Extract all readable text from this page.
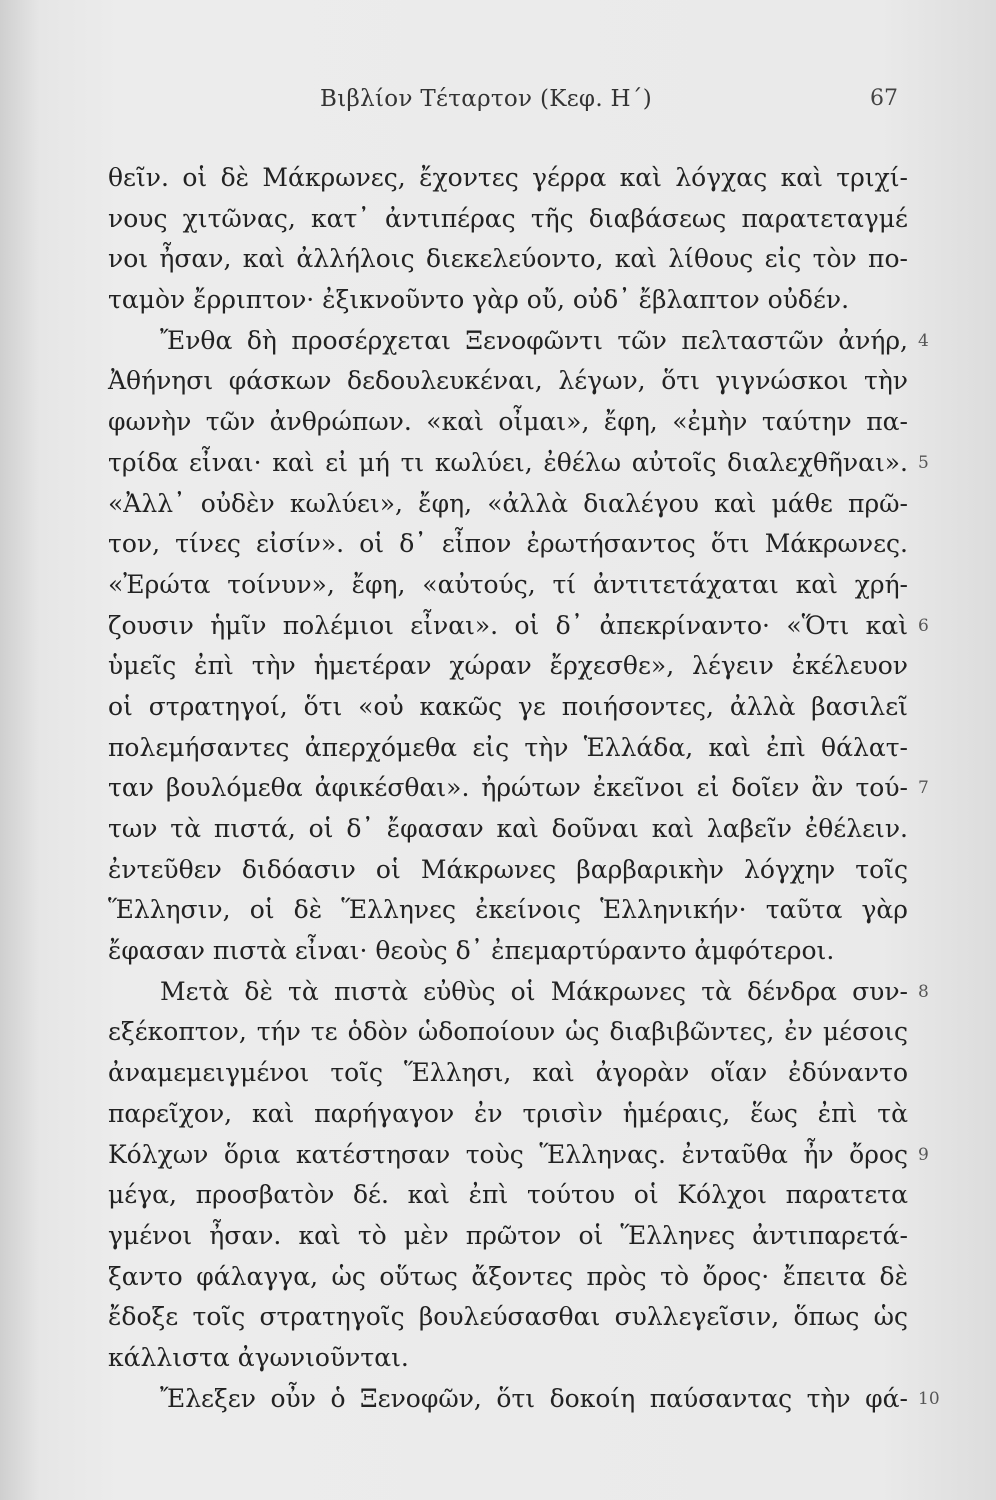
Βιβλίον Τέταρτον (Κεφ. Η΄)	67
θεῖν. οἱ δὲ Μάκρωνες, ἔχοντες γέρρα καὶ λόγχας καὶ τριχί-
νους χιτῶνας, κατ᾽ ἀντιπέρας τῆς διαβάσεως παρατεταγμέ
νοι ἦσαν, καὶ ἀλλήλοις διεκελεύοντο, καὶ λίθους εἰς τὸν πο-
ταμὸν ἔρριπτον· ἐξικνοῦντο γὰρ οὔ, οὐδ᾽ ἔβλαπτον οὐδέν.
Ἔνθα δὴ προσέρχεται Ξενοφῶντι τῶν πελταστῶν ἀνήρ, 4
Ἀθήνησι φάσκων δεδουλευκέναι, λέγων, ὅτι γιγνώσκοι τὴν
φωνὴν τῶν ἀνθρώπων. «καὶ οἶμαι», ἔφη, «ἐμὴν ταύτην πα-
τρίδα εἶναι· καὶ εἰ μή τι κωλύει, ἐθέλω αὐτοῖς διαλεχθῆναι». 5
«Ἀλλ᾽ οὐδὲν κωλύει», ἔφη, «ἀλλὰ διαλέγου καὶ μάθε πρῶ-
τον, τίνες εἰσίν». οἱ δ᾽ εἶπον ἐρωτήσαντος ὅτι Μάκρωνες.
«Ἐρώτα τοίνυν», ἔφη, «αὐτούς, τί ἀντιτετάχαται καὶ χρή-
ζουσιν ἡμῖν πολέμιοι εἶναι». οἱ δ᾽ ἀπεκρίναντο· «Ὅτι καὶ 6
ὑμεῖς ἐπὶ τὴν ἡμετέραν χώραν ἔρχεσθε», λέγειν ἐκέλευον
οἱ στρατηγοί, ὅτι «οὐ κακῶς γε ποιήσοντες, ἀλλὰ βασιλεῖ
πολεμήσαντες ἀπερχόμεθα εἰς τὴν Ἑλλάδα, καὶ ἐπὶ θάλατ-
ταν βουλόμεθα ἀφικέσθαι». ἠρώτων ἐκεῖνοι εἰ δοῖεν ἂν τού- 7
των τὰ πιστά, οἱ δ᾽ ἔφασαν καὶ δοῦναι καὶ λαβεῖν ἐθέλειν.
ἐντεῦθεν διδόασιν οἱ Μάκρωνες βαρβαρικὴν λόγχην τοῖς
Ἕλλησιν, οἱ δὲ Ἕλληνες ἐκείνοις Ἑλληνικήν· ταῦτα γὰρ
ἔφασαν πιστὰ εἶναι· θεοὺς δ᾽ ἐπεμαρτύραντο ἀμφότεροι.
Μετὰ δὲ τὰ πιστὰ εὐθὺς οἱ Μάκρωνες τὰ δένδρα συν- 8
εξέκοπτον, τήν τε ὁδὸν ὡδοποίουν ὡς διαβιβῶντες, ἐν μέσοις
ἀναμεμειγμένοι τοῖς Ἕλλησι, καὶ ἀγορὰν οἵαν ἐδύναντο
παρεῖχον, καὶ παρήγαγον ἐν τρισὶν ἡμέραις, ἕως ἐπὶ τὰ
Κόλχων ὅρια κατέστησαν τοὺς Ἕλληνας. ἐνταῦθα ἦν ὄρος 9
μέγα, προσβατὸν δέ. καὶ ἐπὶ τούτου οἱ Κόλχοι παρατετα
γμένοι ἦσαν. καὶ τὸ μὲν πρῶτον οἱ Ἕλληνες ἀντιπαρετά-
ξαντο φάλαγγα, ὡς οὕτως ἄξοντες πρὸς τὸ ὄρος· ἔπειτα δὲ
ἔδοξε τοῖς στρατηγοῖς βουλεύσασθαι συλλεγεῖσιν, ὅπως ὡς
κάλλιστα ἀγωνιοῦνται.
Ἔλεξεν οὖν ὁ Ξενοφῶν, ὅτι δοκοίη παύσαντας τὴν φά- 10
